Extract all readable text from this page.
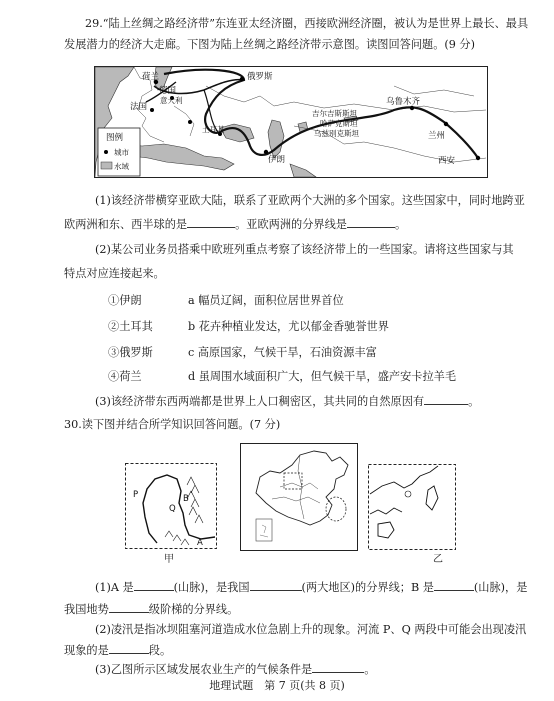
29.“陆上丝绸之路经济带”东连亚太经济圈，西接欧洲经济圈，被认为是世界上最长、最具
发展潜力的经济大走廊。下图为陆上丝绸之路经济带示意图。读图回答问题。(9 分)
荷兰	俄罗斯
德国
意大利
法国
土耳其
伊朗
吉尔吉斯斯坦
哈萨克斯坦
乌兹别克斯坦
乌鲁木齐
兰州
西安
图例
城市
水域
(1)该经济带横穿亚欧大陆，联系了亚欧两个大洲的多个国家。这些国家中，同时地跨亚
欧两洲和东、西半球的是	。亚欧两洲的分界线是	。
(2)某公司业务员搭乘中欧班列重点考察了该经济带上的一些国家。请将这些国家与其
特点对应连接起来。
①伊朗	a 幅员辽阔，面积位居世界首位
②土耳其	b 花卉种植业发达，尤以郁金香驰誉世界
③俄罗斯	c 高原国家，气候干旱，石油资源丰富
④荷兰	d 虽周围水域面积广大，但气候干旱，盛产安卡拉羊毛
(3)该经济带东西两端都是世界上人口稠密区，其共同的自然原因有	。
30.读下图并结合所学知识回答问题。(7 分)
P
Q
B
A
甲	乙
(1)A 是	(山脉)，是我国	(两大地区)的分界线；B 是	(山脉)，是
我国地势	级阶梯的分界线。
(2)凌汛是指冰坝阻塞河道造成水位急剧上升的现象。河流 P、Q 两段中可能会出现凌汛
现象的是	段。
(3)乙图所示区域发展农业生产的气候条件是	。
地理试题　第 7 页(共 8 页)
